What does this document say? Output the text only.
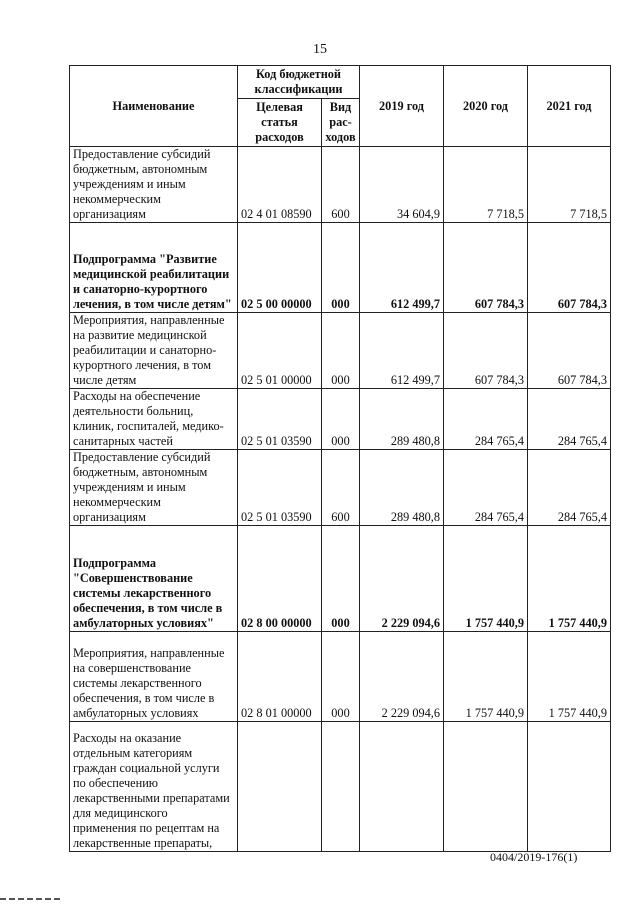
15
Наименование	Код бюджетной классификации		2019 год	2020 год	2021 год
	Целевая статья расходов	Вид рас-ходов			
Предоставление субсидий бюджетным, автономным учреждениям и иным некоммерческим организациям	02 4 01 08590	600	34 604,9	7 718,5	7 718,5
Подпрограмма "Развитие медицинской реабилитации и санаторно-курортного лечения, в том числе детям"	02 5 00 00000	000	612 499,7	607 784,3	607 784,3
Мероприятия, направленные на развитие медицинской реабилитации и санаторно-курортного лечения, в том числе детям	02 5 01 00000	000	612 499,7	607 784,3	607 784,3
Расходы на обеспечение деятельности больниц, клиник, госпиталей, медико-санитарных частей	02 5 01 03590	000	289 480,8	284 765,4	284 765,4
Предоставление субсидий бюджетным, автономным учреждениям и иным некоммерческим организациям	02 5 01 03590	600	289 480,8	284 765,4	284 765,4
Подпрограмма "Совершенствование системы лекарственного обеспечения, в том числе в амбулаторных условиях"	02 8 00 00000	000	2 229 094,6	1 757 440,9	1 757 440,9
Мероприятия, направленные на совершенствование системы лекарственного обеспечения, в том числе в амбулаторных условиях	02 8 01 00000	000	2 229 094,6	1 757 440,9	1 757 440,9
Расходы на оказание отдельным категориям граждан социальной услуги по обеспечению лекарственными препаратами для медицинского применения по рецептам на лекарственные препараты,					
0404/2019-176(1)
